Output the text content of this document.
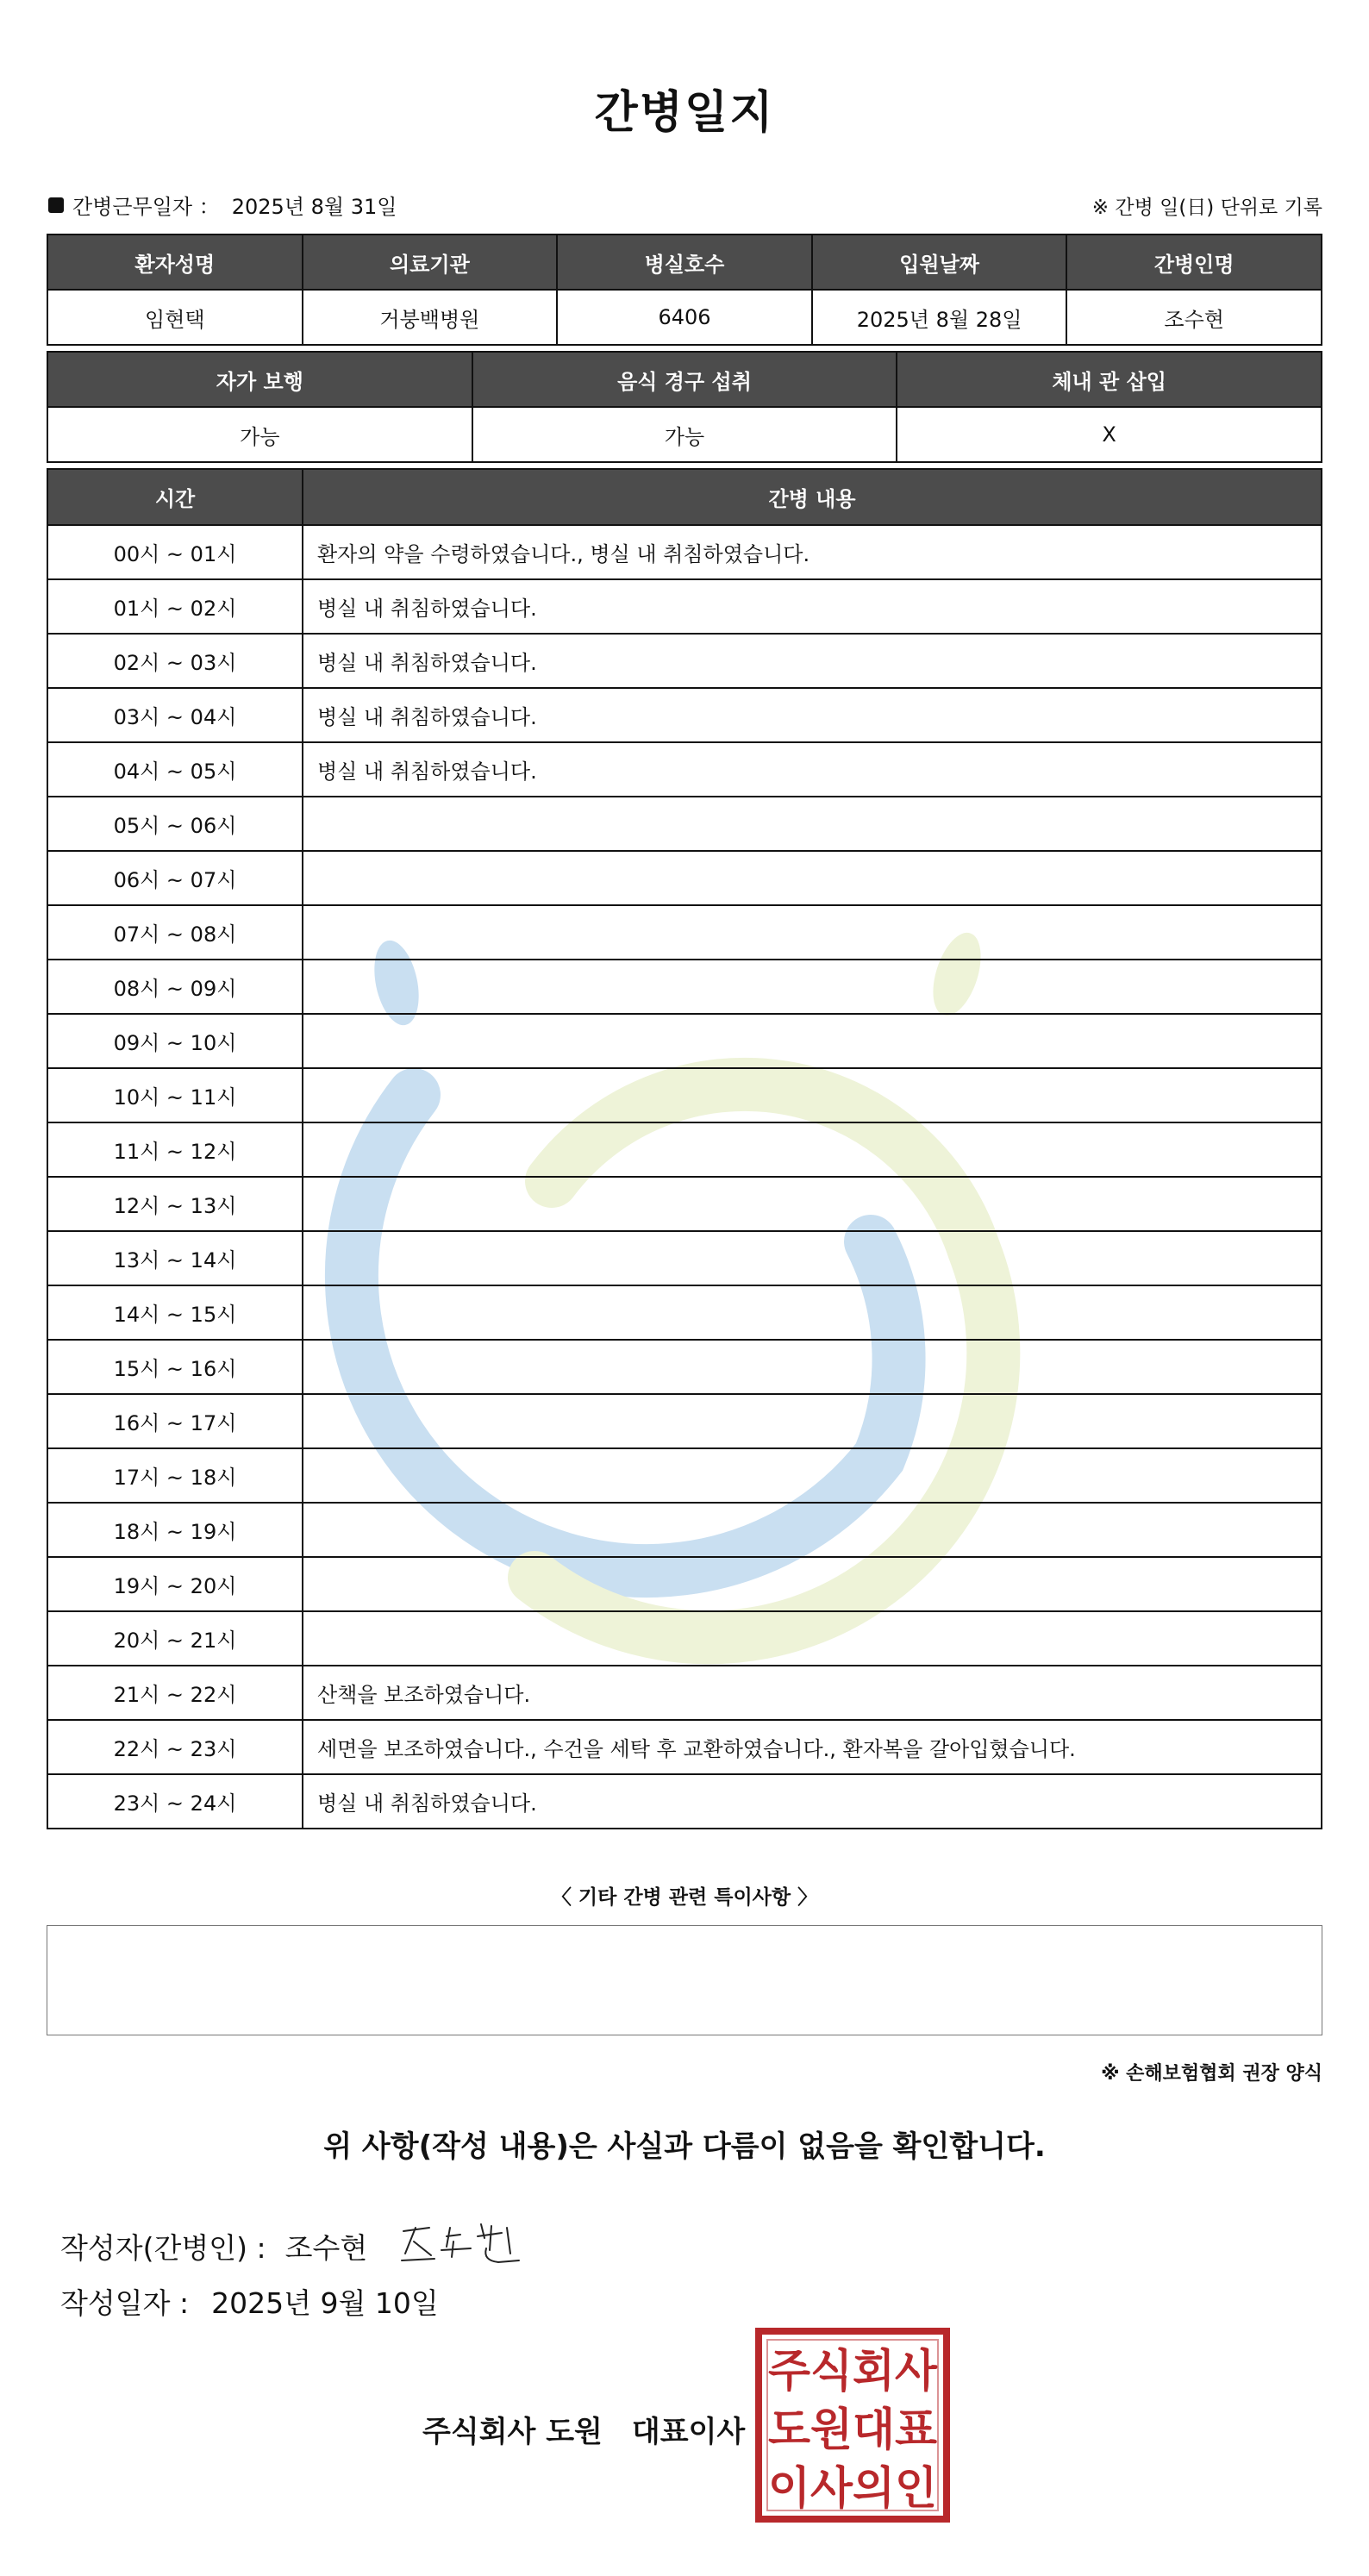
간병일지
간병근무일자 ： 2025년 8월 31일	※ 간병 일(日) 단위로 기록
환자성명	의료기관	병실호수	입원날짜	간병인명
임현택	거붕백병원	6406	2025년 8월 28일	조수현
자가 보행	음식 경구 섭취	체내 관 삽입
가능	가능	X
시간	간병 내용
00시 ~ 01시	환자의 약을 수령하였습니다., 병실 내 취침하였습니다.
01시 ~ 02시	병실 내 취침하였습니다.
02시 ~ 03시	병실 내 취침하였습니다.
03시 ~ 04시	병실 내 취침하였습니다.
04시 ~ 05시	병실 내 취침하였습니다.
05시 ~ 06시	
06시 ~ 07시	
07시 ~ 08시	
08시 ~ 09시	
09시 ~ 10시	
10시 ~ 11시	
11시 ~ 12시	
12시 ~ 13시	
13시 ~ 14시	
14시 ~ 15시	
15시 ~ 16시	
16시 ~ 17시	
17시 ~ 18시	
18시 ~ 19시	
19시 ~ 20시	
20시 ~ 21시	
21시 ~ 22시	산책을 보조하였습니다.
22시 ~ 23시	세면을 보조하였습니다., 수건을 세탁 후 교환하였습니다., 환자복을 갈아입혔습니다.
23시 ~ 24시	병실 내 취침하였습니다.
〈 기타 간병 관련 특이사항 〉
※ 손해보험협회 권장 양식
위 사항(작성 내용)은 사실과 다름이 없음을 확인합니다.
작성자(간병인) : 조수현
작성일자 : 2025년 9월 10일
주식회사 도원　대표이사
주식회사
도원대표
이사의인
